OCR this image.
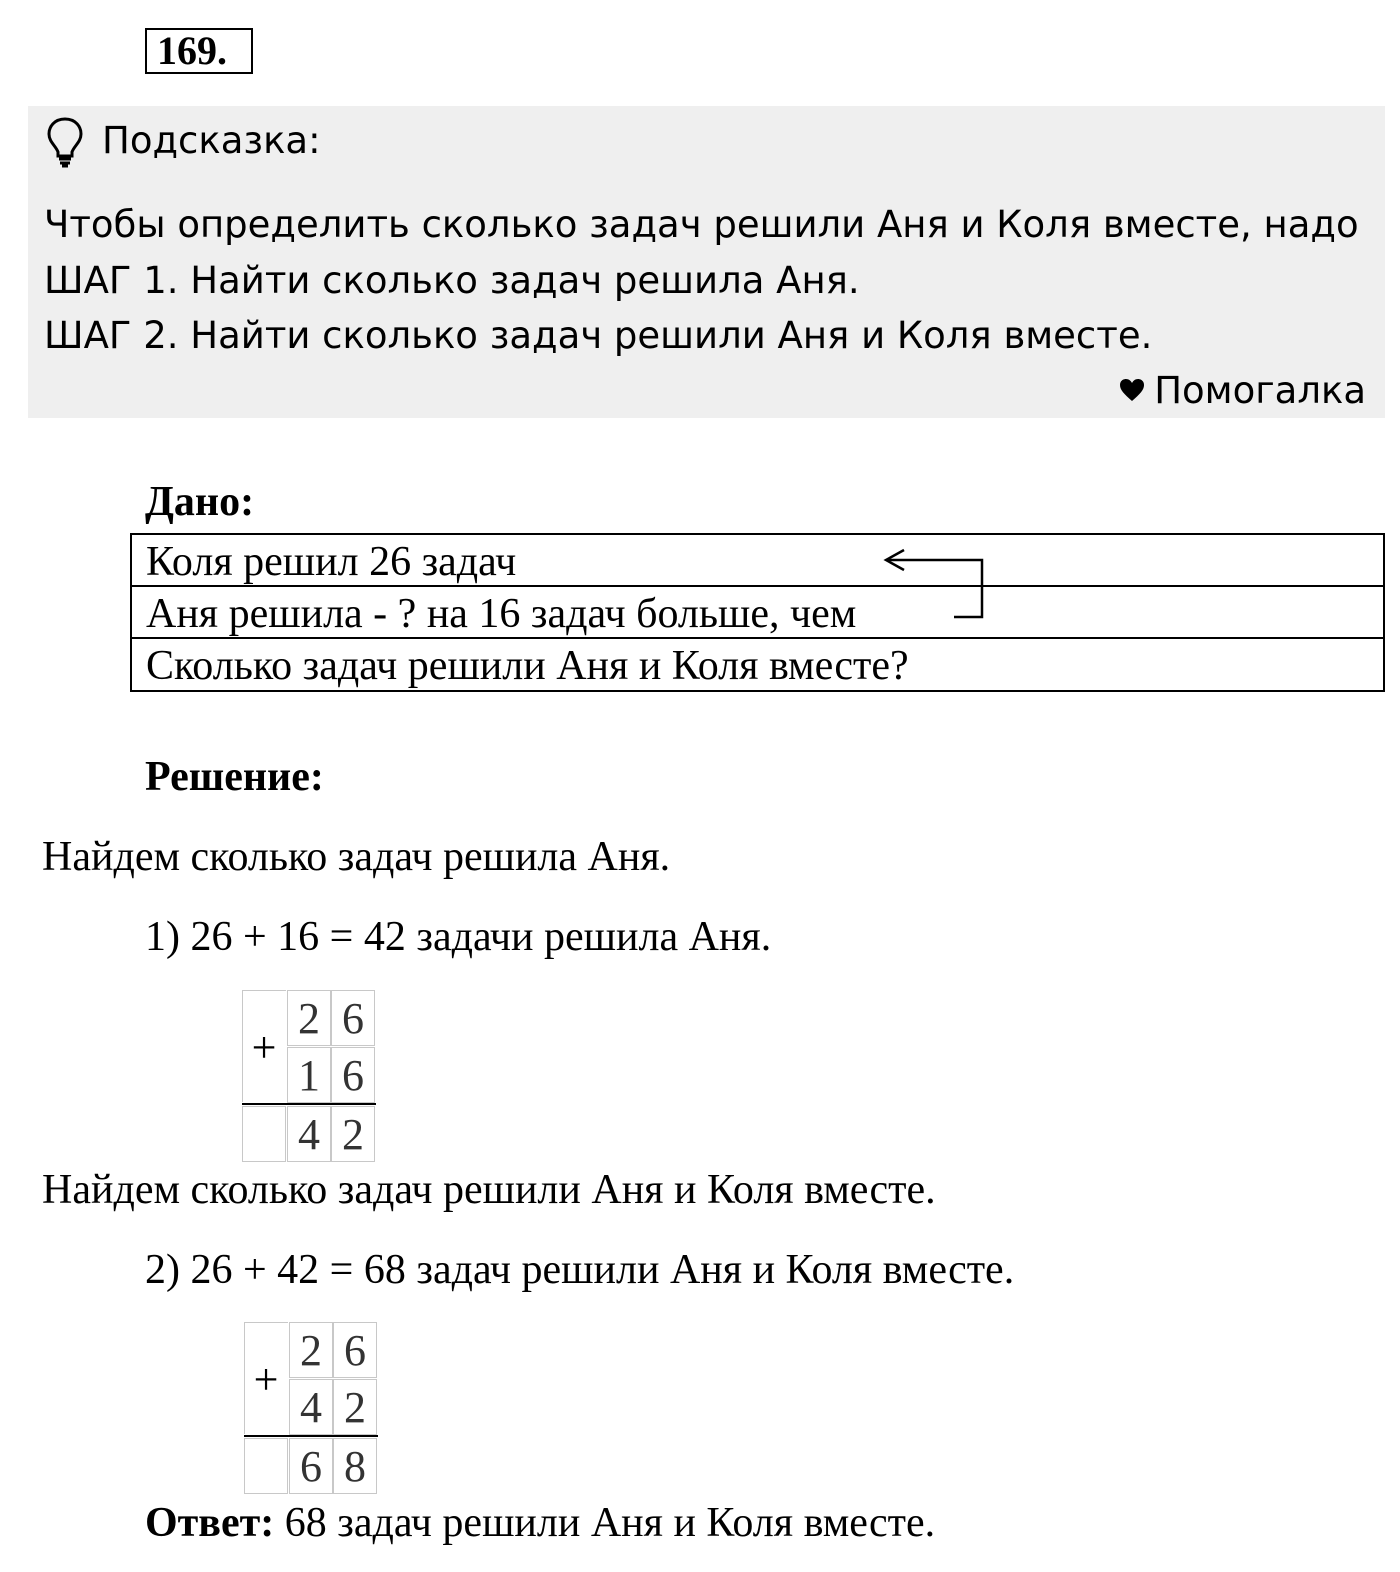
169.
Подсказка:
Чтобы определить сколько задач решили Аня и Коля вместе, надо
ШАГ 1. Найти сколько задач решила Аня.
ШАГ 2. Найти сколько задач решили Аня и Коля вместе.
Помогалка
Дано:
Коля решил 26 задач
Аня решила - ? на 16 задач больше, чем
Сколько задач решили Аня и Коля вместе?
Решение:
Найдем сколько задач решила Аня.
1) 26 + 16 = 42 задачи решила Аня.
+
2 6
1 6
4 2
Найдем сколько задач решили Аня и Коля вместе.
2) 26 + 42 = 68 задач решили Аня и Коля вместе.
+
2 6
4 2
6 8
Ответ: 68 задач решили Аня и Коля вместе.
